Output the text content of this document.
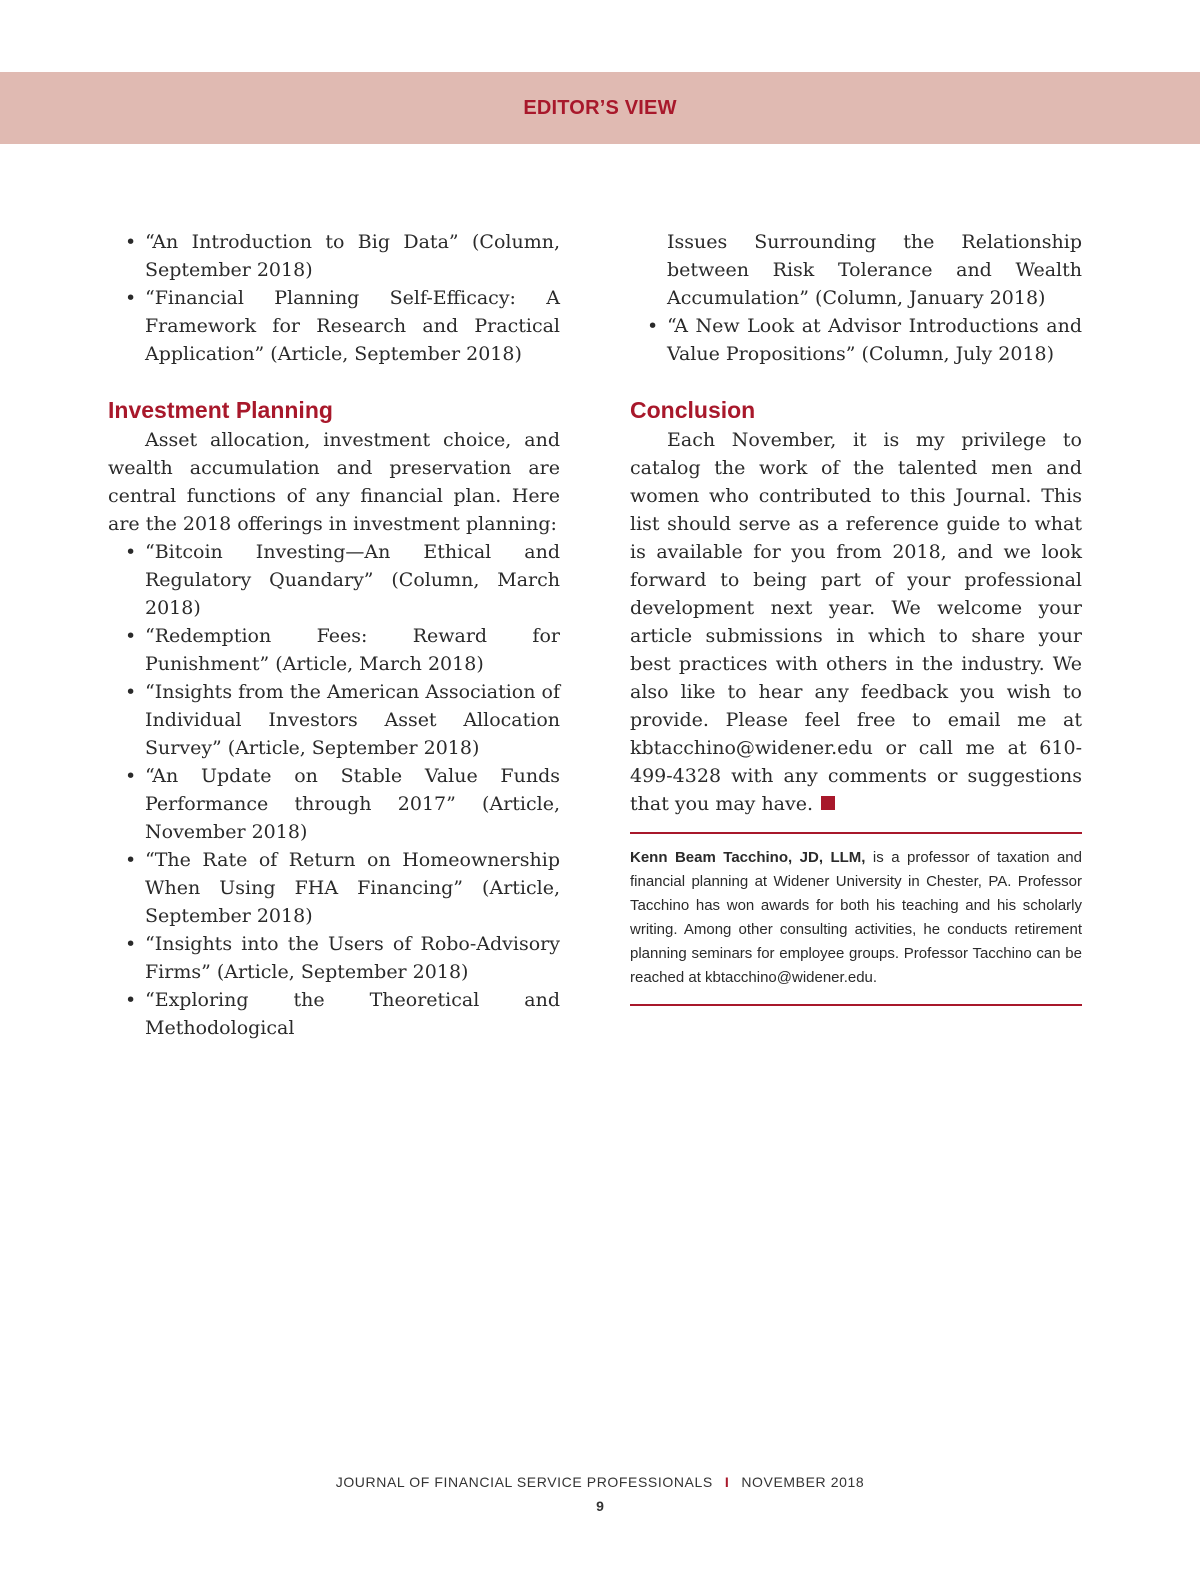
EDITOR’S VIEW
• “An Introduction to Big Data” (Column, September 2018)
• “Financial Planning Self-Efficacy: A Framework for Research and Practical Application” (Article, September 2018)
Investment Planning

Asset allocation, investment choice, and wealth accumulation and preservation are central functions of any financial plan. Here are the 2018 offerings in investment planning:

• “Bitcoin Investing—An Ethical and Regulatory Quandary” (Column, March 2018)
• “Redemption Fees: Reward for Punishment” (Article, March 2018)
• “Insights from the American Association of Individual Investors Asset Allocation Survey” (Article, September 2018)
• “An Update on Stable Value Funds Performance through 2017” (Article, November 2018)
• “The Rate of Return on Homeownership When Using FHA Financing” (Article, September 2018)
• “Insights into the Users of Robo-Advisory Firms” (Article, September 2018)
• “Exploring the Theoretical and Methodological
Issues Surrounding the Relationship between Risk Tolerance and Wealth Accumulation” (Column, January 2018)
• “A New Look at Advisor Introductions and Value Propositions” (Column, July 2018)
Conclusion

Each November, it is my privilege to catalog the work of the talented men and women who contributed to this Journal. This list should serve as a reference guide to what is available for you from 2018, and we look forward to being part of your professional development next year. We welcome your article submissions in which to share your best practices with others in the industry. We also like to hear any feedback you wish to provide. Please feel free to email me at kbtacchino@widener.edu or call me at 610-499-4328 with any comments or suggestions that you may have.

Kenn Beam Tacchino, JD, LLM, is a professor of taxation and financial planning at Widener University in Chester, PA. Professor Tacchino has won awards for both his teaching and his scholarly writing. Among other consulting activities, he conducts retirement planning seminars for employee groups. Professor Tacchino can be reached at kbtacchino@widener.edu.
JOURNAL OF FINANCIAL SERVICE PROFESSIONALS I NOVEMBER 2018
9
